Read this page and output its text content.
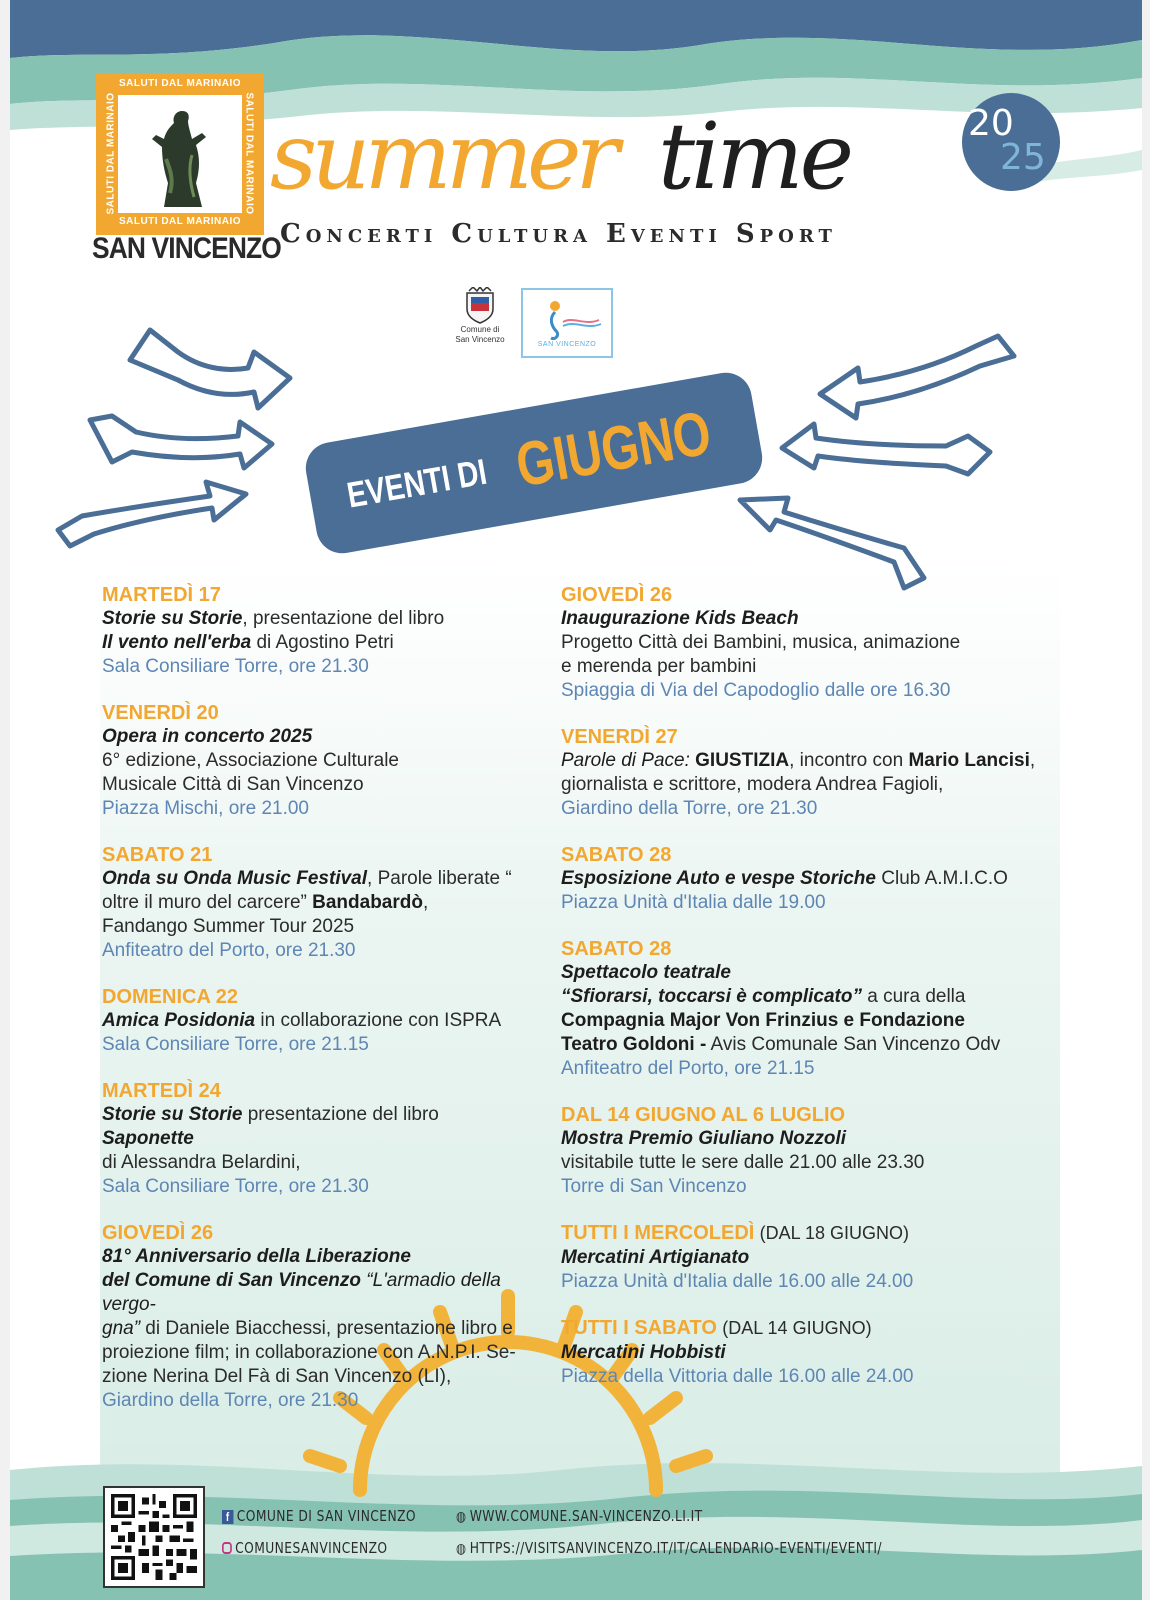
SALUTI DAL MARINAIO
SALUTI DAL MARINAIO
SALUTI DAL MARINAIO	SALUTI DAL MARINAIO
SAN VINCENZO
summer time	20
25
Concerti Cultura Eventi Sport
Comune di
San Vincenzo
SAN VINCENZO
EVENTI DI GIUGNO
MARTEDÌ 17
Storie su Storie, presentazione del libro
Il vento nell'erba di Agostino Petri
Sala Consiliare Torre, ore 21.30
VENERDÌ 20
Opera in concerto 2025
6° edizione, Associazione Culturale
Musicale Città di San Vincenzo
Piazza Mischi, ore 21.00
SABATO 21
Onda su Onda Music Festival, Parole liberate “
oltre il muro del carcere” Bandabardò,
Fandango Summer Tour 2025
Anfiteatro del Porto, ore 21.30
DOMENICA 22
Amica Posidonia in collaborazione con ISPRA
Sala Consiliare Torre, ore 21.15
MARTEDÌ 24
Storie su Storie presentazione del libro
Saponette
di Alessandra Belardini,
Sala Consiliare Torre, ore 21.30
GIOVEDÌ 26
81° Anniversario della Liberazione
del Comune di San Vincenzo “L'armadio della vergo-
gna” di Daniele Biacchessi, presentazione libro e
proiezione film; in collaborazione con A.N.P.I. Se-
zione Nerina Del Fà di San Vincenzo (LI),
Giardino della Torre, ore 21.30
GIOVEDÌ 26
Inaugurazione Kids Beach
Progetto Città dei Bambini, musica, animazione
e merenda per bambini
Spiaggia di Via del Capodoglio dalle ore 16.30
VENERDÌ 27
Parole di Pace: GIUSTIZIA, incontro con Mario Lancisi,
giornalista e scrittore, modera Andrea Fagioli,
Giardino della Torre, ore 21.30
SABATO 28
Esposizione Auto e vespe Storiche Club A.M.I.C.O
Piazza Unità d'Italia dalle 19.00
SABATO 28
Spettacolo teatrale
“Sfiorarsi, toccarsi è complicato” a cura della
Compagnia Major Von Frinzius e Fondazione
Teatro Goldoni - Avis Comunale San Vincenzo Odv
Anfiteatro del Porto, ore 21.15
DAL 14 GIUGNO AL 6 LUGLIO
Mostra Premio Giuliano Nozzoli
visitabile tutte le sere dalle 21.00 alle 23.30
Torre di San Vincenzo
TUTTI I MERCOLEDÌ (DAL 18 GIUGNO)
Mercatini Artigianato
Piazza Unità d'Italia dalle 16.00 alle 24.00
TUTTI I SABATO (DAL 14 GIUGNO)
Mercatini Hobbisti
Piazza della Vittoria dalle 16.00 alle 24.00
f COMUNE DI SAN VINCENZO
COMUNESANVINCENZO
◍ WWW.COMUNE.SAN-VINCENZO.LI.IT
◍ HTTPS://VISITSANVINCENZO.IT/IT/CALENDARIO-EVENTI/EVENTI/
